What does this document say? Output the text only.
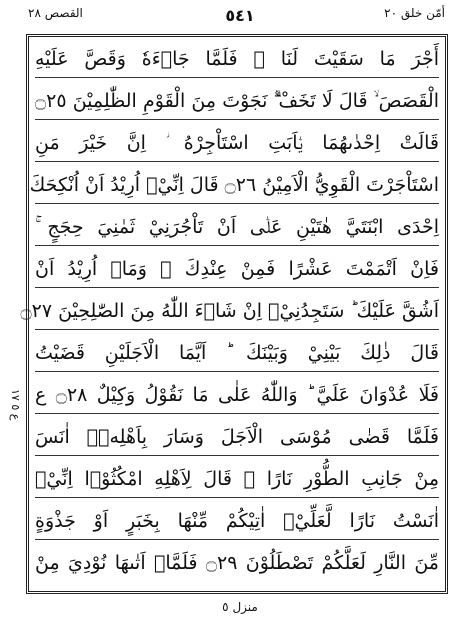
القصص ٢٨	٥٤١	أمّن خلق ٢٠
ع ٥ ١٧
أَجْرَ مَا سَقَيْتَ لَنَا ۚ فَلَمَّا جَاۤءَهٗ وَقَصَّ عَلَيْهِ
الْقَصَصَ ۙ قَالَ لَا تَخَفْ ۫ۗ نَجَوْتَ مِنَ الْقَوْمِ الظّٰلِمِيْنَ ۝٢٥
قَالَتْ اِحْدٰىهُمَا يٰۤاَبَتِ اسْتَاْجِرْهُ ؗ اِنَّ خَيْرَ مَنِ
اسْتَاْجَرْتَ الْقَوِيُّ الْاَمِيْنُ ۝٢٦ قَالَ اِنِّيْۤ اُرِيْدُ اَنْ اُنْكِحَكَ
اِحْدَى ابْنَتَيَّ هٰتَيْنِ عَلٰۤى اَنْ تَاْجُرَنِيْ ثَمٰنِيَ حِجَجٍ ۚ
فَاِنْ اَتْمَمْتَ عَشْرًا فَمِنْ عِنْدِكَ ۚ وَمَاۤ اُرِيْدُ اَنْ
اَشُقَّ عَلَيْكَ ؕ سَتَجِدُنِيْۤ اِنْ شَاۤءَ اللّٰهُ مِنَ الصّٰلِحِيْنَ ۝٢٧
قَالَ ذٰلِكَ بَيْنِيْ وَبَيْنَكَ ؕ اَيَّمَا الْاَجَلَيْنِ قَضَيْتُ
فَلَا عُدْوَانَ عَلَيَّ ؕ وَاللّٰهُ عَلٰى مَا نَقُوْلُ وَكِيْلٌ ۝٢٨ ع
فَلَمَّا قَضٰى مُوْسَى الْاَجَلَ وَسَارَ بِاَهْلِهٖۤ اٰنَسَ
مِنْ جَانِبِ الطُّوْرِ نَارًا ۚ قَالَ لِاَهْلِهِ امْكُثُوْۤا اِنِّيْۤ
اٰنَسْتُ نَارًا لَّعَلِّيْۤ اٰتِيْكُمْ مِّنْهَا بِخَبَرٍ اَوْ جَذْوَةٍ
مِّنَ النَّارِ لَعَلَّكُمْ تَصْطَلُوْنَ ۝٢٩ فَلَمَّاۤ اَتٰىهَا نُوْدِيَ مِنْ
منزل ٥
